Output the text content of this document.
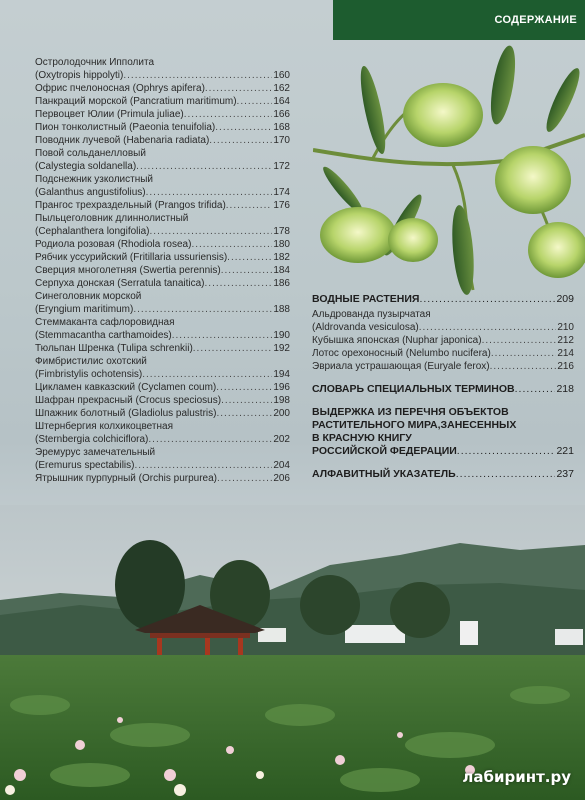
СОДЕРЖАНИЕ
Остролодочник Ипполита
(Oxytropis hippolyti) .....	160
Офрис пчелоносная (Ophrys apifera) .....	162
Панкраций морской (Pancratium maritimum) .....	164
Первоцвет Юлии (Primula juliae) .....	166
Пион тонколистный (Paeonia tenuifolia) .....	168
Поводник лучевой (Habenaria radiata) .....	170
Повой сольданелловый
(Calystegia soldanella) .....	172
Подснежник узколистный
(Galanthus angustifolius) .....	174
Прангос трехраздельный (Prangos trifida) .....	176
Пыльцеголовник длиннолистный
(Cephalanthera longifolia) .....	178
Родиола розовая (Rhodiola rosea) .....	180
Рябчик уссурийский (Fritillaria ussuriensis) .....	182
Сверция многолетняя (Swertia perennis) .....	184
Серпуха донская (Serratula tanaitica) .....	186
Синеголовник морской
(Eryngium maritimum) .....	188
Стеммаканта сафлоровидная
(Stemmacantha carthamoides) .....	190
Тюльпан Шренка (Tulipa schrenkii) .....	192
Фимбристилис охотский
(Fimbristylis ochotensis) .....	194
Цикламен кавказский (Cyclamen coum) .....	196
Шафран прекрасный (Crocus speciosus) .....	198
Шпажник болотный (Gladiolus palustris) .....	200
Штернбергия колхикоцветная
(Sternbergia colchiciflora) .....	202
Эремурус замечательный
(Eremurus spectabilis) .....	204
Ятрышник пурпурный (Orchis purpurea) .....	206
ВОДНЫЕ РАСТЕНИЯ .....	209
Альдрованда пузырчатая
(Aldrovanda vesiculosa) .....	210
Кубышка японская (Nuphar japonica) .....	212
Лотос орехоносный (Nelumbo nucifera) .....	214
Эвриала устрашающая (Euryale ferox) .....	216
СЛОВАРЬ СПЕЦИАЛЬНЫХ ТЕРМИНОВ .....	218
ВЫДЕРЖКА ИЗ ПЕРЕЧНЯ ОБЪЕКТОВ
РАСТИТЕЛЬНОГО МИРА,ЗАНЕСЕННЫХ
В КРАСНУЮ КНИГУ
РОССИЙСКОЙ ФЕДЕРАЦИИ .....	221
АЛФАВИТНЫЙ УКАЗАТЕЛЬ .....	237
лабиринт.ру
